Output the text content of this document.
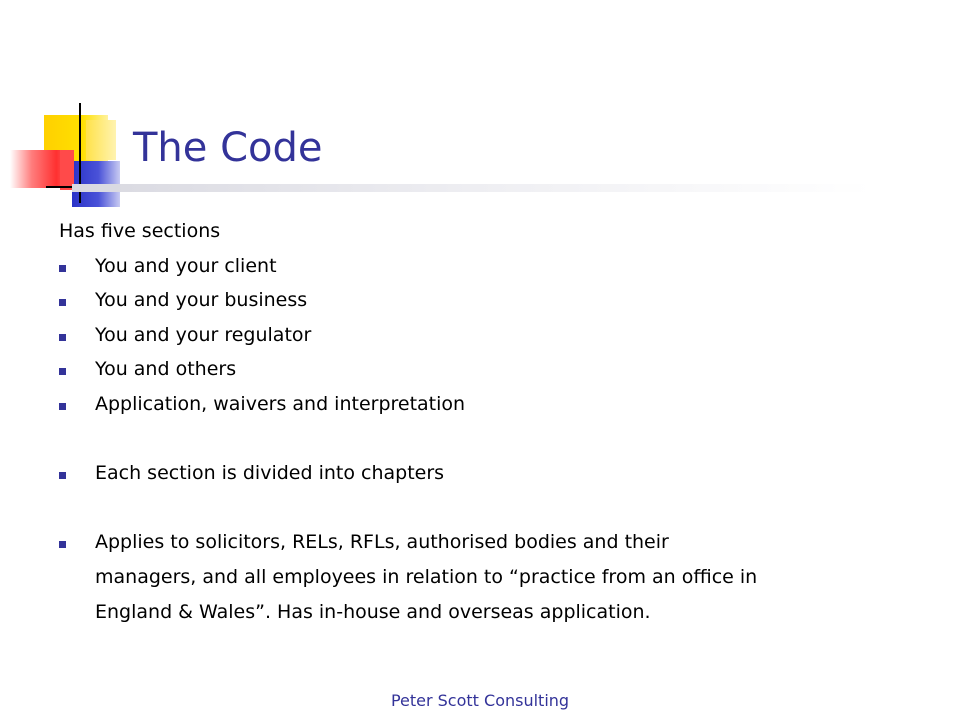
The Code
Has five sections
You and your client
You and your business
You and your regulator
You and others
Application, waivers and interpretation
Each section is divided into chapters
Applies to solicitors, RELs, RFLs, authorised bodies and their
managers, and all employees in relation to “practice from an office in
England & Wales”. Has in-house and overseas application.
Peter Scott Consulting
